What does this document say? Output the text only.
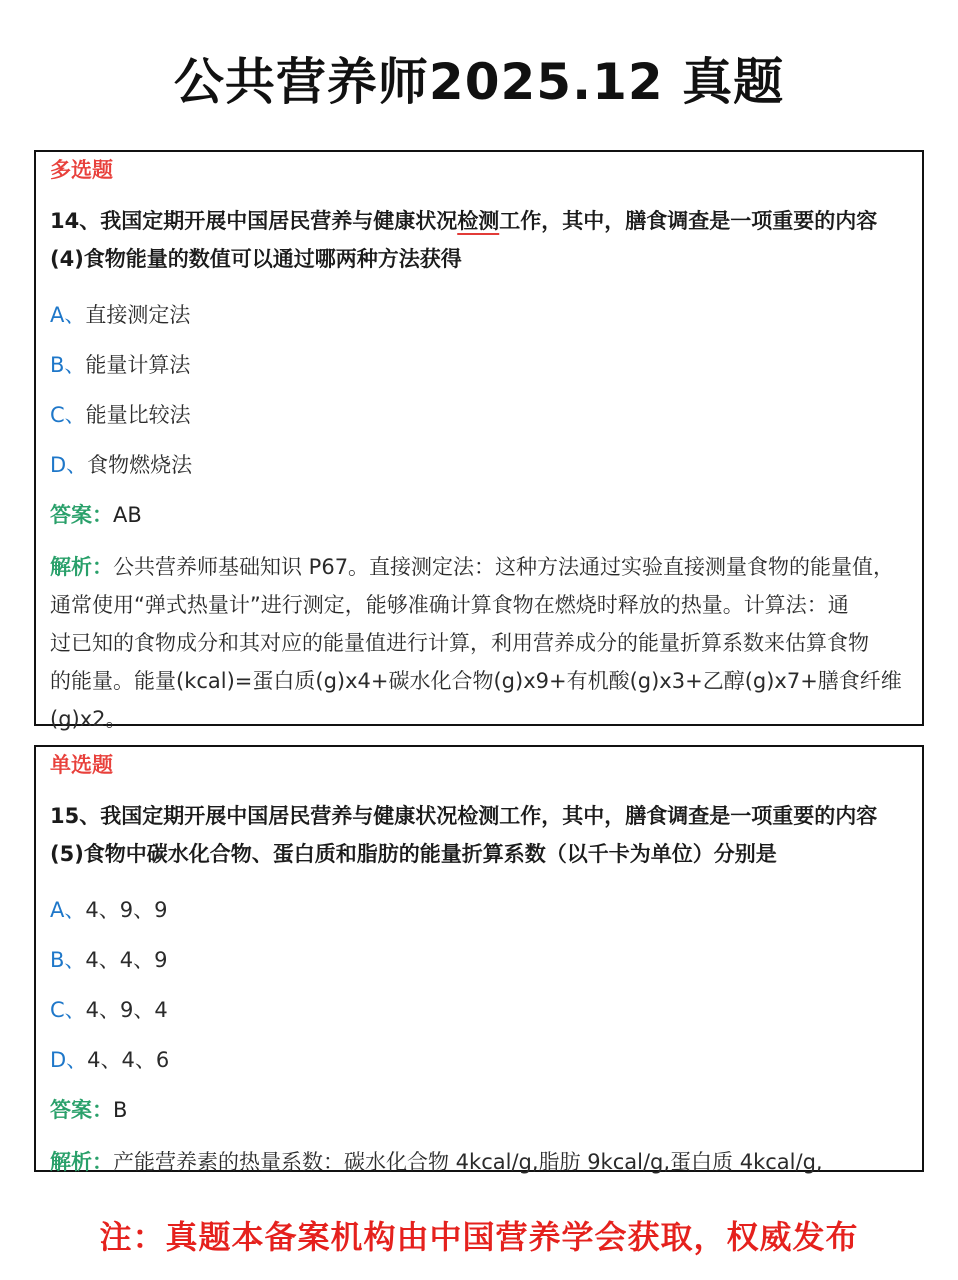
公共营养师2025.12 真题
多选题
14、我国定期开展中国居民营养与健康状况检测工作，其中，膳食调查是一项重要的内容
(4)食物能量的数值可以通过哪两种方法获得
A、直接测定法
B、能量计算法
C、能量比较法
D、食物燃烧法
答案：AB
解析：公共营养师基础知识 P67。直接测定法：这种方法通过实验直接测量食物的能量值，
通常使用“弹式热量计”进行测定，能够准确计算食物在燃烧时释放的热量。计算法：通
过已知的食物成分和其对应的能量值进行计算，利用营养成分的能量折算系数来估算食物
的能量。能量(kcal)=蛋白质(g)x4+碳水化合物(g)x9+有机酸(g)x3+乙醇(g)x7+膳食纤维
(g)x2。
单选题
15、我国定期开展中国居民营养与健康状况检测工作，其中，膳食调查是一项重要的内容
(5)食物中碳水化合物、蛋白质和脂肪的能量折算系数（以千卡为单位）分别是
A、4、9、9
B、4、4、9
C、4、9、4
D、4、4、6
答案：B
解析：产能营养素的热量系数：碳水化合物 4kcal/g,脂肪 9kcal/g,蛋白质 4kcal/g,
注：真题本备案机构由中国营养学会获取，权威发布
